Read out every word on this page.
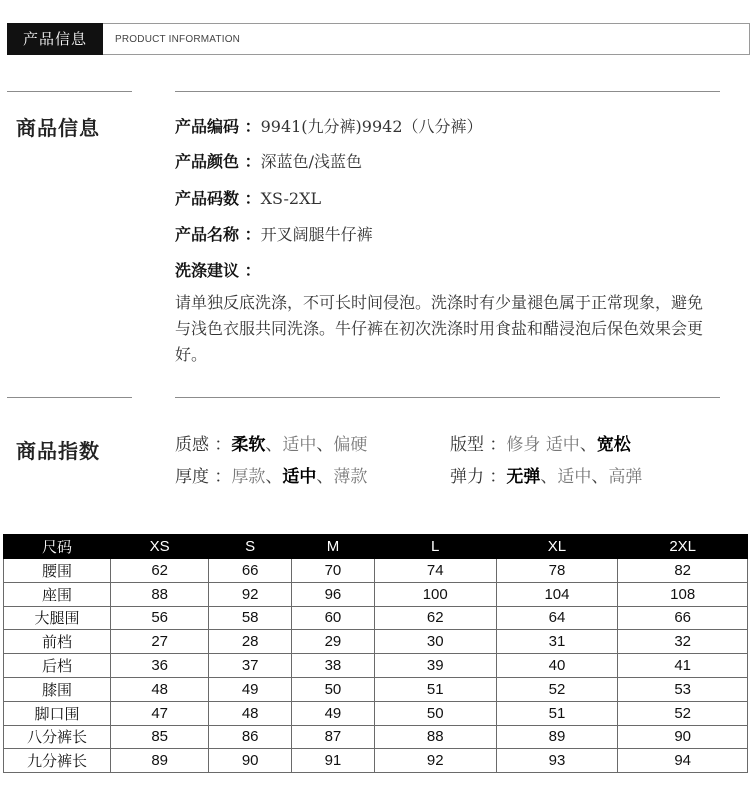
产品信息	PRODUCT INFORMATION
商品信息	产品编码 ：9941(九分裤)9942（八分裤）
产品颜色 ：深蓝色/浅蓝色
产品码数 ：XS-2XL
产品名称 ：开叉阔腿牛仔裤
洗涤建议 ：
请单独反底洗涤，不可长时间侵泡。洗涤时有少量褪色属于正常现象，避免与浅色衣服共同洗涤。牛仔裤在初次洗涤时用食盐和醋浸泡后保色效果会更好。
商品指数	质感 ：柔软、适中、偏硬
厚度 ：厚款、适中、薄款
版型 ：修身 适中、宽松
弹力 ：无弹、适中、高弹
尺码	XS	S	M	L	XL	2XL
腰围	62	66	70	74	78	82
座围	88	92	96	100	104	108
大腿围	56	58	60	62	64	66
前档	27	28	29	30	31	32
后档	36	37	38	39	40	41
膝围	48	49	50	51	52	53
脚口围	47	48	49	50	51	52
八分裤长	85	86	87	88	89	90
九分裤长	89	90	91	92	93	94
